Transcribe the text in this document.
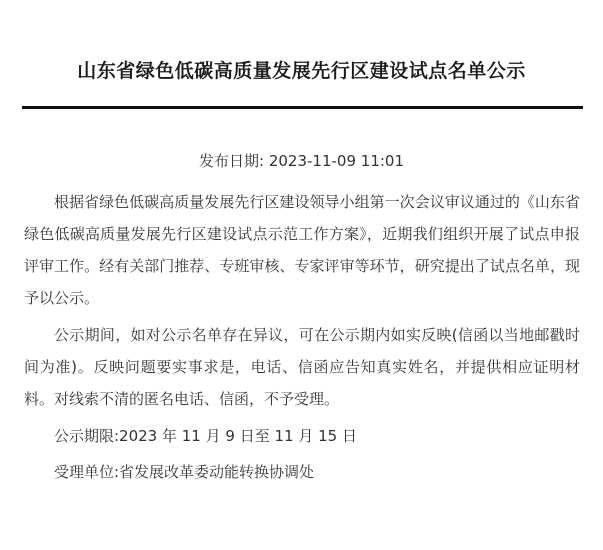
山东省绿色低碳高质量发展先行区建设试点名单公示
发布日期: 2023-11-09 11:01

根据省绿色低碳高质量发展先行区建设领导小组第一次会议审议通过的《山东省绿色低碳高质量发展先行区建设试点示范工作方案》，近期我们组织开展了试点申报评审工作。经有关部门推荐、专班审核、专家评审等环节，研究提出了试点名单，现予以公示。

公示期间，如对公示名单存在异议，可在公示期内如实反映(信函以当地邮戳时间为准)。反映问题要实事求是，电话、信函应告知真实姓名，并提供相应证明材料。对线索不清的匿名电话、信函，不予受理。

公示期限:2023 年 11 月 9 日至 11 月 15 日

受理单位:省发展改革委动能转换协调处
